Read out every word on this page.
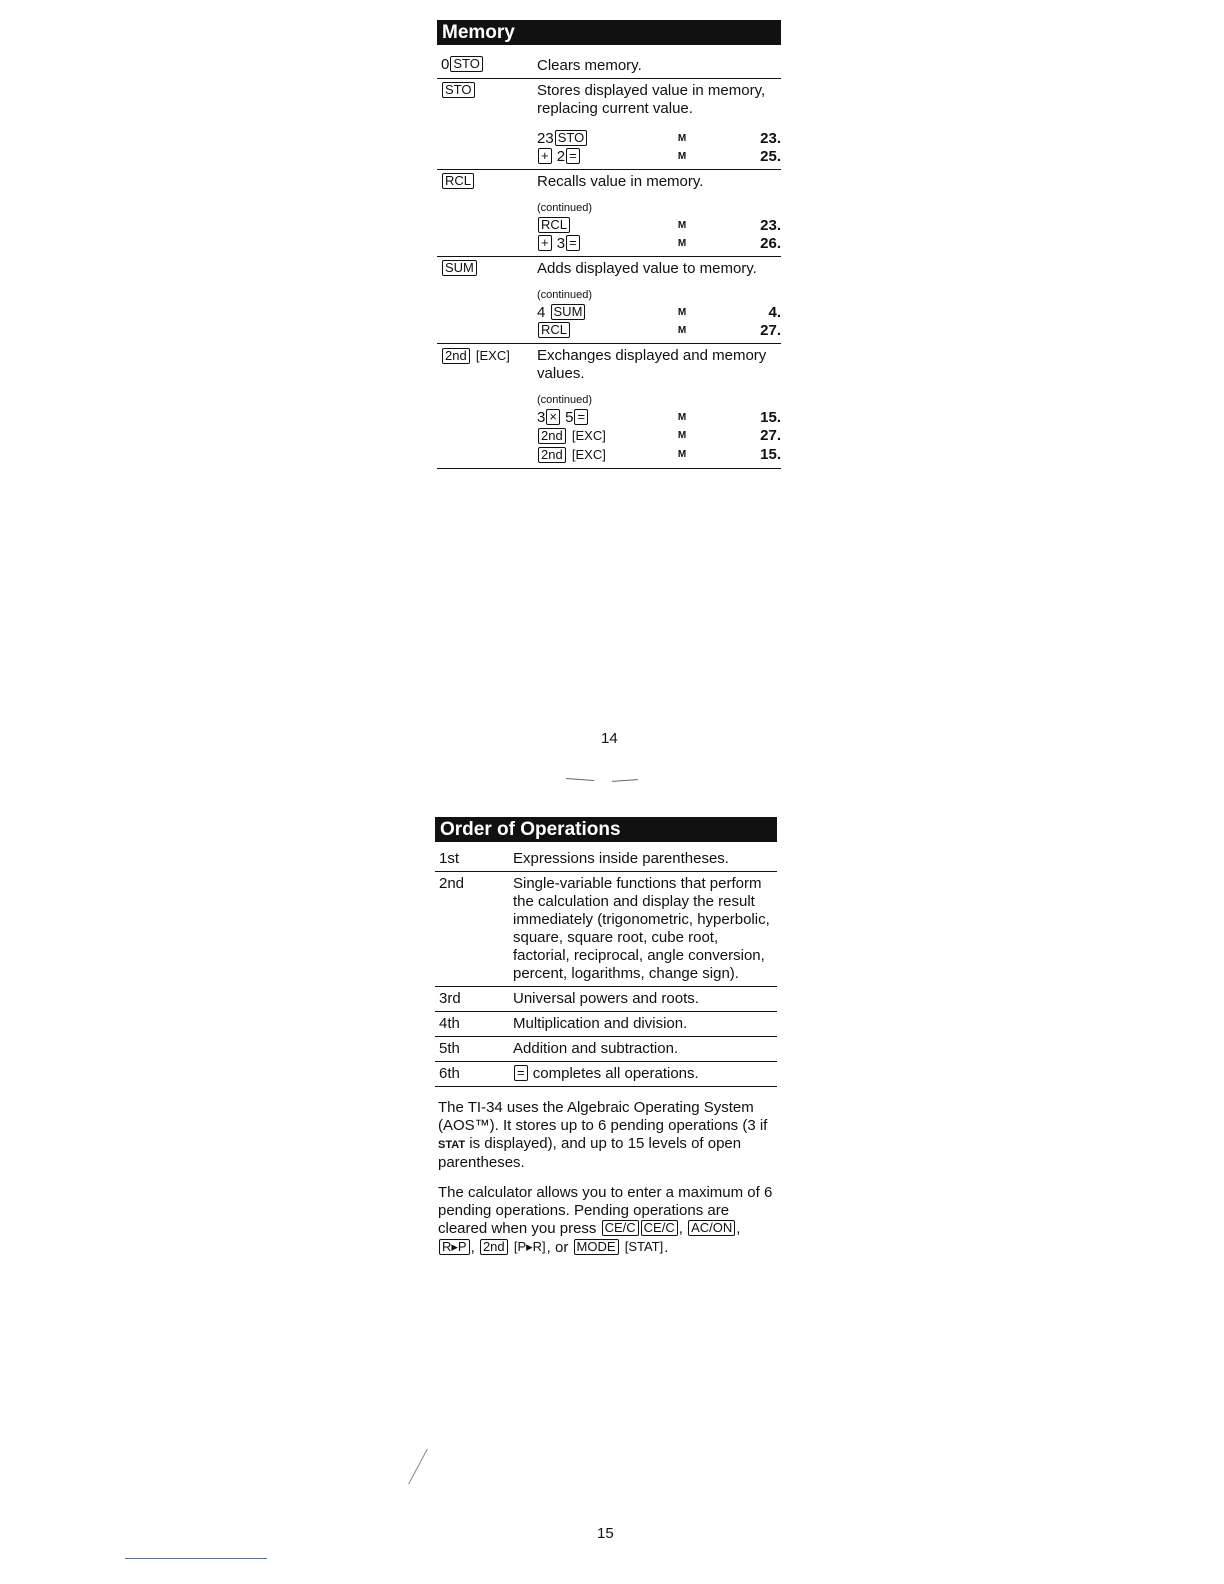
Memory
0 STO	Clears memory.		
STO	Stores displayed value in memory, replacing current value.		
	23 STO	M	23.
	+ 2 =	M	25.
RCL	Recalls value in memory.		
	(continued)		
	RCL	M	23.
	+ 3 =	M	26.
SUM	Adds displayed value to memory.		
	(continued)		
	4 SUM	M	4.
	RCL	M	27.
2nd [ EXC ]	Exchanges displayed and memory values.		
	(continued)		
	3 × 5 =	M	15.
	2nd [ EXC ]	M	27.
	2nd [ EXC ]	M	15.
14
Order of Operations
1st	Expressions inside parentheses.
2nd	Single-variable functions that perform the calculation and display the result immediately (trigonometric, hyperbolic, square, square root, cube root, factorial, reciprocal, angle conversion, percent, logarithms, change sign).
3rd	Universal powers and roots.
4th	Multiplication and division.
5th	Addition and subtraction.
6th	= completes all operations.

The TI-34 uses the Algebraic Operating System (AOS™). It stores up to 6 pending operations (3 if STAT is displayed), and up to 15 levels of open parentheses.

The calculator allows you to enter a maximum of 6 pending operations. Pending operations are cleared when you press CE/C CE/C , AC/ON , R▸P , 2nd [ P▸R ] , or MODE [ STAT ] .

15
